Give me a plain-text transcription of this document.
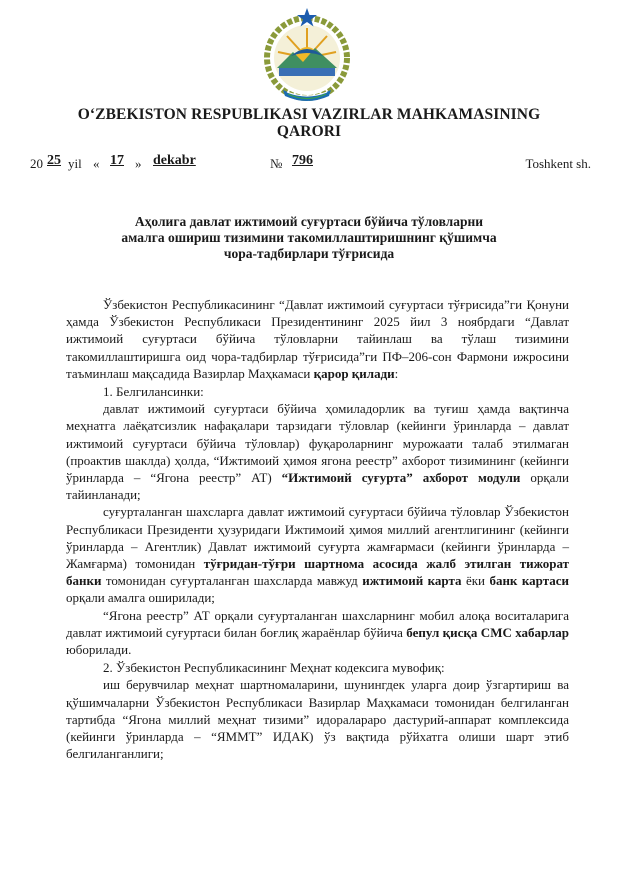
O‘ZBEKISTON RESPUBLIKASI VAZIRLAR MAHKAMASINING
QARORI
20 25 yil « 17 » dekabr	№ 796	Toshkent sh.
Аҳолига давлат ижтимоий суғуртаси бўйича тўловларни
амалга ошириш тизимини такомиллаштиришнинг қўшимча
чора-тадбирлари тўғрисида

Ўзбекистон Республикасининг “Давлат ижтимоий суғуртаси тўғрисида”ги Қонуни ҳамда Ўзбекистон Республикаси Президентининг 2025 йил 3 ноябрдаги “Давлат ижтимоий суғуртаси бўйича тўловларни тайинлаш ва тўлаш тизимини такомиллаштиришга оид чора-тадбирлар тўғрисида”ги ПФ–206-сон Фармони ижросини таъминлаш мақсадида Вазирлар Маҳкамаси қарор қилади:

1. Белгилансинки:

давлат ижтимоий суғуртаси бўйича ҳомиладорлик ва туғиш ҳамда вақтинча меҳнатга лаёқатсизлик нафақалари тарзидаги тўловлар (кейинги ўринларда – давлат ижтимоий суғуртаси бўйича тўловлар) фуқароларнинг мурожаати талаб этилмаган (проактив шаклда) ҳолда, “Ижтимоий ҳимоя ягона реестр” ахборот тизимининг (кейинги ўринларда – “Ягона реестр” АТ) “Ижтимоий суғурта” ахборот модули орқали тайинланади;

суғурталанган шахсларга давлат ижтимоий суғуртаси бўйича тўловлар Ўзбекистон Республикаси Президенти ҳузуридаги Ижтимоий ҳимоя миллий агентлигининг (кейинги ўринларда – Агентлик) Давлат ижтимоий суғурта жамғармаси (кейинги ўринларда – Жамғарма) томонидан тўғридан-тўғри шартнома асосида жалб этилган тижорат банки томонидан суғурталанган шахсларда мавжуд ижтимоий карта ёки банк картаси орқали амалга оширилади;

“Ягона реестр” АТ орқали суғурталанган шахсларнинг мобил алоқа воситаларига давлат ижтимоий суғуртаси билан боғлиқ жараёнлар бўйича бепул қисқа СМС хабарлар юборилади.

2. Ўзбекистон Республикасининг Меҳнат кодексига мувофиқ:

иш берувчилар меҳнат шартномаларини, шунингдек уларга доир ўзгартириш ва қўшимчаларни Ўзбекистон Республикаси Вазирлар Маҳкамаси томонидан белгиланган тартибда “Ягона миллий меҳнат тизими” идоралараро дастурий-аппарат комплексида (кейинги ўринларда – “ЯММТ” ИДАК) ўз вақтида рўйхатга олиши шарт этиб белгиланганлиги;
